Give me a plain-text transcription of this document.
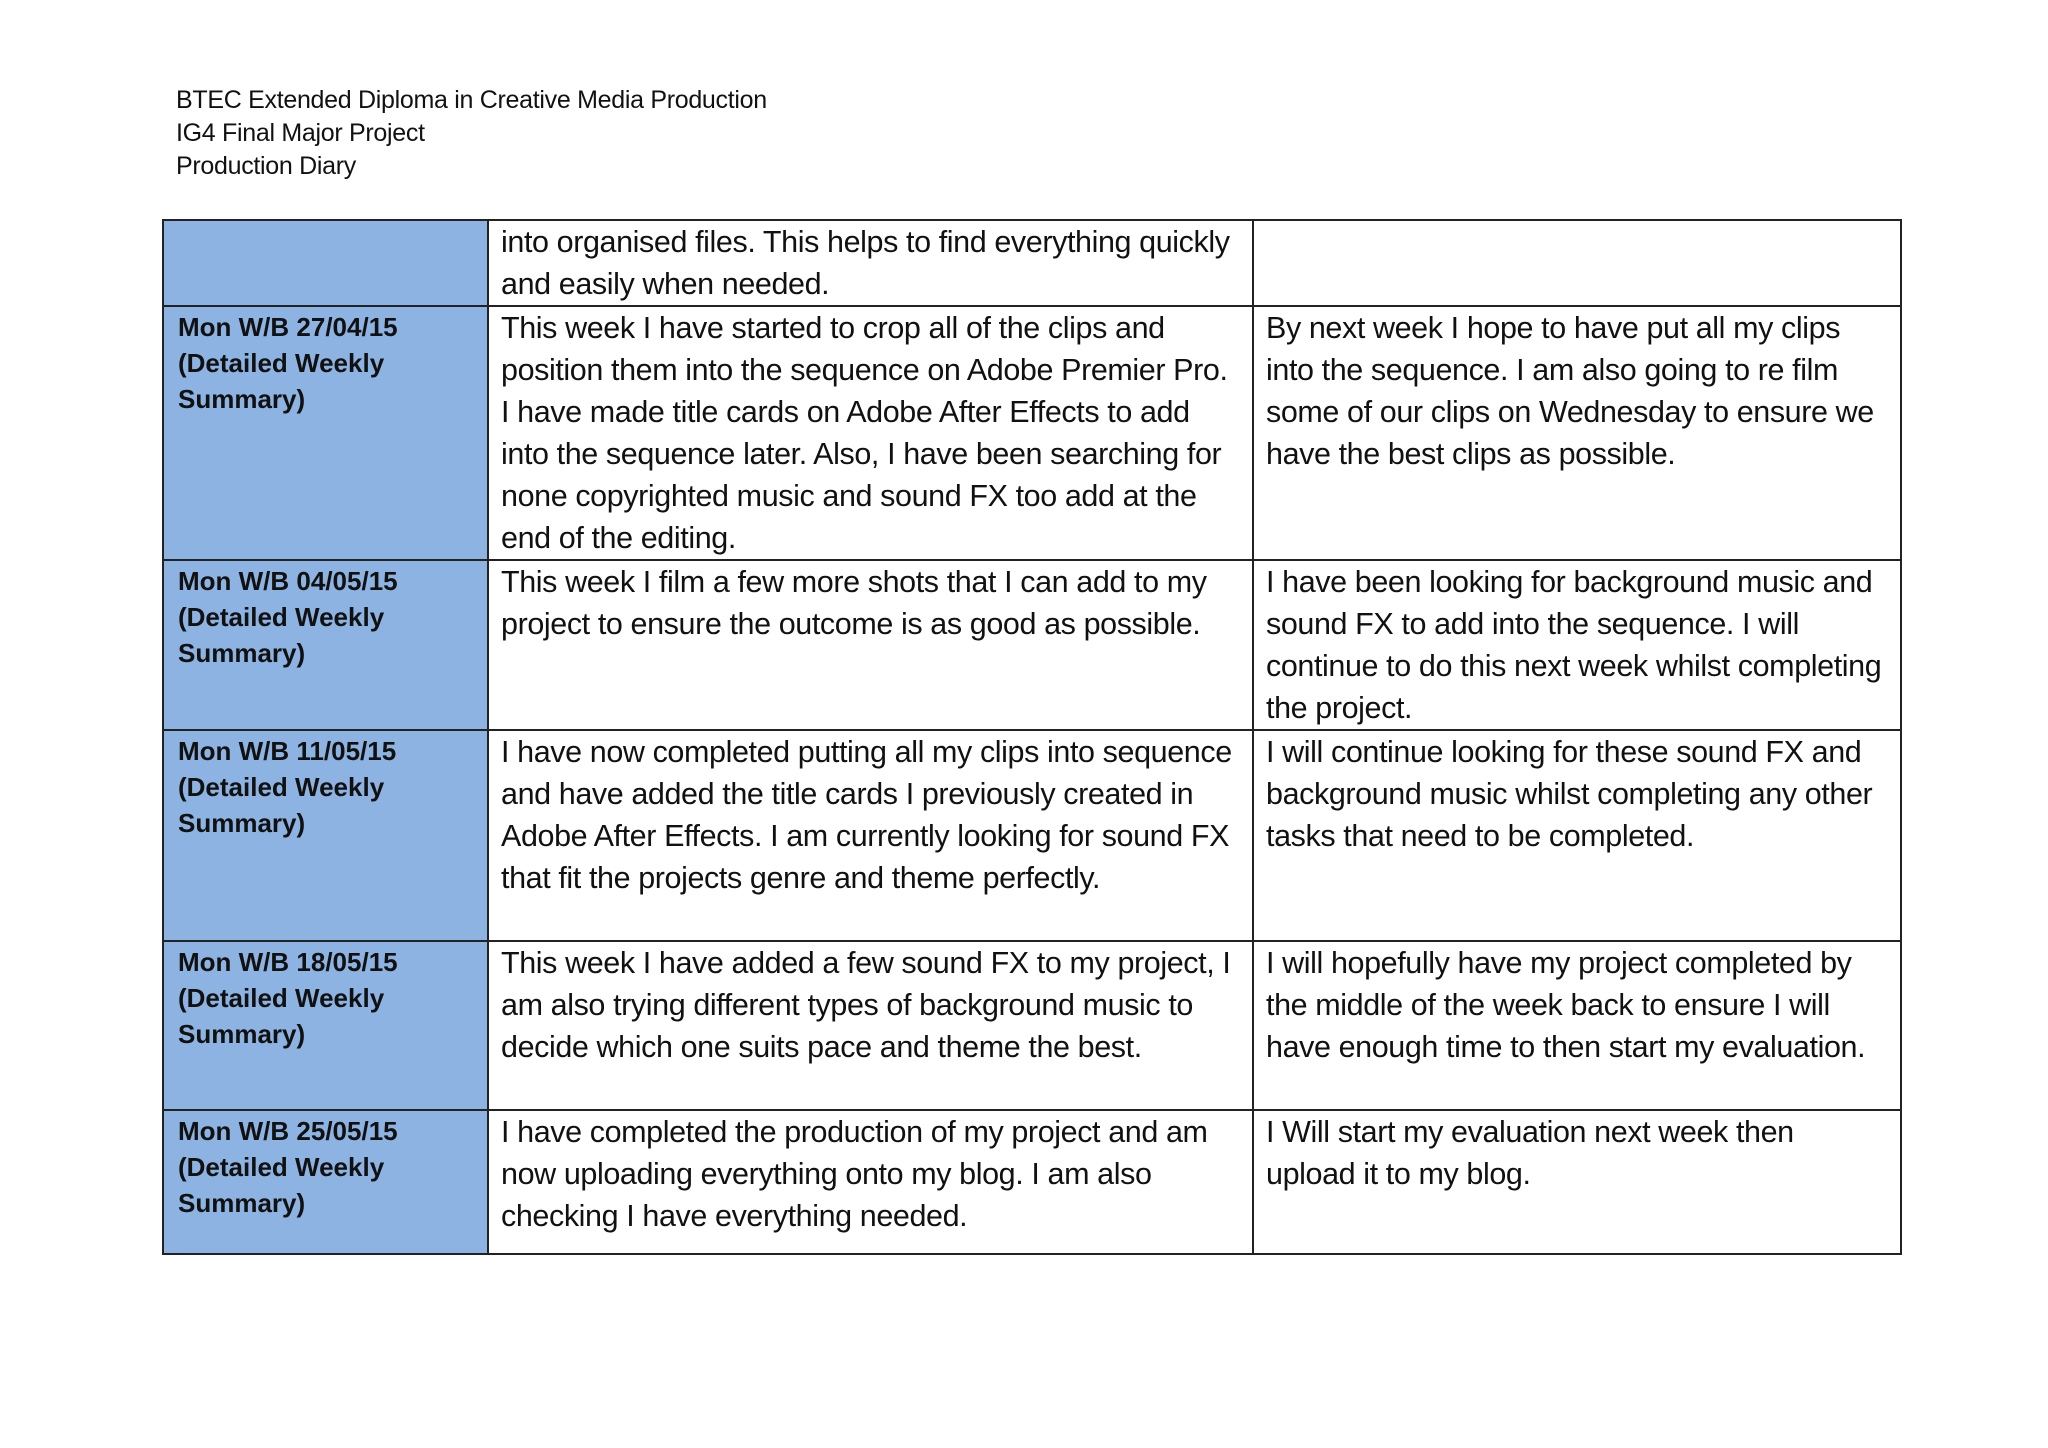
BTEC Extended Diploma in Creative Media Production
IG4 Final Major Project
Production Diary

	into organised files. This helps to find everything quickly and easily when needed.	

Mon W/B 27/04/15
(Detailed Weekly Summary)	This week I have started to crop all of the clips and position them into the sequence on Adobe Premier Pro. I have made title cards on Adobe After Effects to add into the sequence later. Also, I have been searching for none copyrighted music and sound FX too add at the end of the editing.	By next week I hope to have put all my clips into the sequence. I am also going to re film some of our clips on Wednesday to ensure we have the best clips as possible.

Mon W/B 04/05/15
(Detailed Weekly Summary)	This week I film a few more shots that I can add to my project to ensure the outcome is as good as possible.	I have been looking for background music and sound FX to add into the sequence. I will continue to do this next week whilst completing the project.

Mon W/B 11/05/15
(Detailed Weekly Summary)	I have now completed putting all my clips into sequence and have added the title cards I previously created in Adobe After Effects. I am currently looking for sound FX that fit the projects genre and theme perfectly.	I will continue looking for these sound FX and background music whilst completing any other tasks that need to be completed.

Mon W/B 18/05/15
(Detailed Weekly Summary)	This week I have added a few sound FX to my project, I am also trying different types of background music to decide which one suits pace and theme the best.	I will hopefully have my project completed by the middle of the week back to ensure I will have enough time to then start my evaluation.

Mon W/B 25/05/15
(Detailed Weekly Summary)	I have completed the production of my project and am now uploading everything onto my blog. I am also checking I have everything needed.	I Will start my evaluation next week then upload it to my blog.
